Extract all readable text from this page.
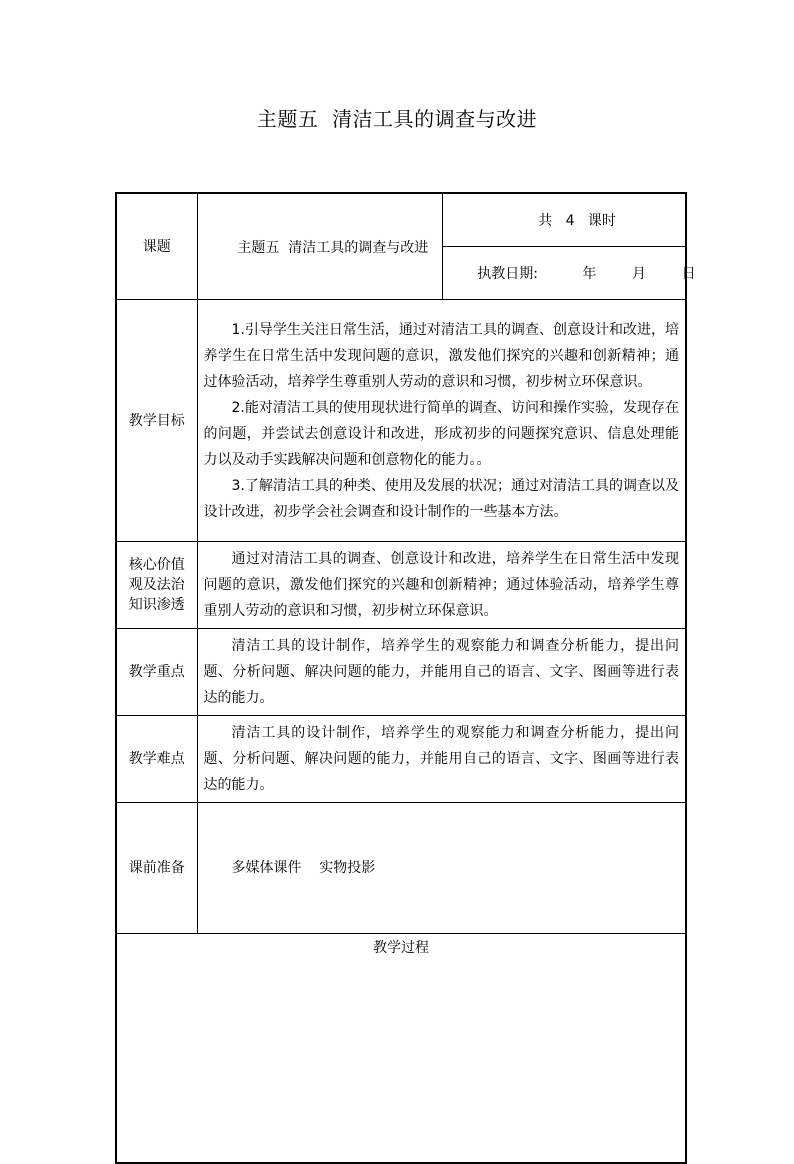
主题五  清洁工具的调查与改进
课题	主题五  清洁工具的调查与改进	共   4   课时

执教日期:          年        月        日

教学目标	1.引导学生关注日常生活，通过对清洁工具的调查、创意设计和改进，培养学生在日常生活中发现问题的意识，激发他们探究的兴趣和创新精神；通过体验活动，培养学生尊重别人劳动的意识和习惯，初步树立环保意识。

2.能对清洁工具的使用现状进行简单的调查、访问和操作实验，发现存在的问题，并尝试去创意设计和改进，形成初步的问题探究意识、信息处理能力以及动手实践解决问题和创意物化的能力。。

3.了解清洁工具的种类、使用及发展的状况；通过对清洁工具的调查以及设计改进，初步学会社会调查和设计制作的一些基本方法。	

核心价值观及法治知识渗透	通过对清洁工具的调查、创意设计和改进，培养学生在日常生活中发现问题的意识，激发他们探究的兴趣和创新精神；通过体验活动，培养学生尊重别人劳动的意识和习惯，初步树立环保意识。	

教学重点	清洁工具的设计制作，培养学生的观察能力和调查分析能力，提出问题、分析问题、解决问题的能力，并能用自己的语言、文字、图画等进行表达的能力。	

教学难点	清洁工具的设计制作，培养学生的观察能力和调查分析能力，提出问题、分析问题、解决问题的能力，并能用自己的语言、文字、图画等进行表达的能力。	

课前准备	多媒体课件    实物投影	

教学过程		
